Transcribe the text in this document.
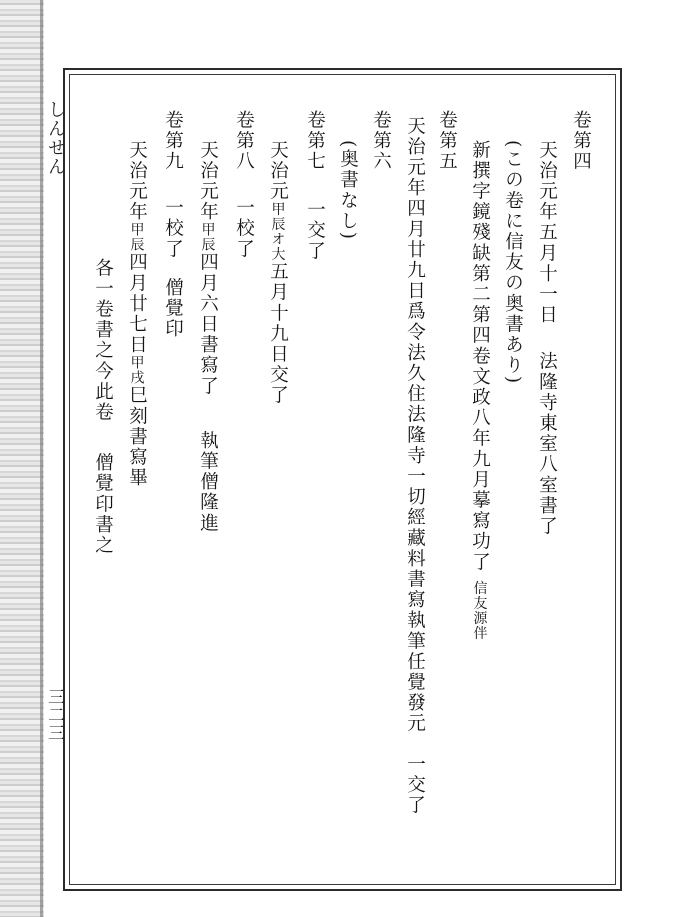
しんせん
三二三
卷第四
天治元年五月十一日法隆寺東室八室書了
(この卷に信友の奥書あり)
新撰字鏡殘缺第二第四卷文政八年九月摹寫功了信友源伴
卷第五
天治元年四月廿九日爲令法久住法隆寺一切經藏料書寫執筆任覺發元一交了
卷第六
(奥書なし)
卷第七一交了
天治元甲辰オ大五月十九日交了
卷第八一校了
天治元年甲辰四月六日書寫了執筆僧隆進
卷第九一校了僧覺印
天治元年甲辰四月廿七日甲戌巳刻書寫畢
各一卷書之今此卷僧覺印書之
